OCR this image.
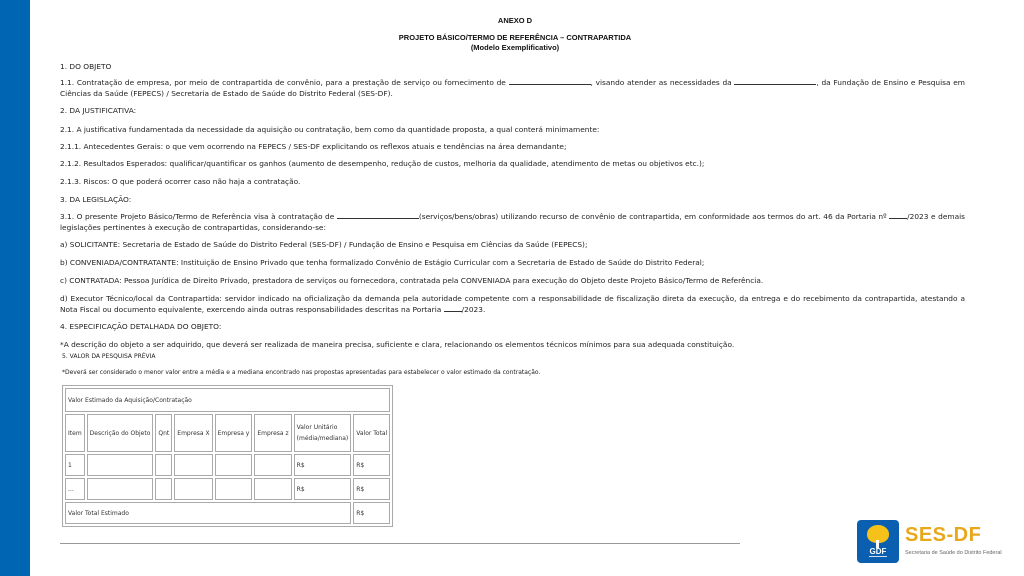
ANEXO D
PROJETO BÁSICO/TERMO DE REFERÊNCIA – CONTRAPARTIDA
(Modelo Exemplificativo)
1. DO OBJETO
1.1. Contratação de empresa, por meio de contrapartida de convênio, para a prestação de serviço ou fornecimento de	, visando atender as necessidades da	, da Fundação de Ensino e Pesquisa em Ciências da Saúde (FEPECS) / Secretaria de Estado de Saúde do Distrito Federal (SES-DF).
2. DA JUSTIFICATIVA:
2.1. A justificativa fundamentada da necessidade da aquisição ou contratação, bem como da quantidade proposta, a qual conterá minimamente:
2.1.1. Antecedentes Gerais: o que vem ocorrendo na FEPECS / SES-DF explicitando os reflexos atuais e tendências na área demandante;
2.1.2. Resultados Esperados: qualificar/quantificar os ganhos (aumento de desempenho, redução de custos, melhoria da qualidade, atendimento de metas ou objetivos etc.);
2.1.3. Riscos: O que poderá ocorrer caso não haja a contratação.
3. DA LEGISLAÇÃO:
3.1. O presente Projeto Básico/Termo de Referência visa à contratação de	(serviços/bens/obras) utilizando recurso de convênio de contrapartida, em conformidade aos termos do art. 46 da Portaria nº /2023 e demais legislações pertinentes à execução de contrapartidas, considerando-se:
a) SOLICITANTE: Secretaria de Estado de Saúde do Distrito Federal (SES-DF) / Fundação de Ensino e Pesquisa em Ciências da Saúde (FEPECS);
b) CONVENIADA/CONTRATANTE: Instituição de Ensino Privado que tenha formalizado Convênio de Estágio Curricular com a Secretaria de Estado de Saúde do Distrito Federal;
c) CONTRATADA: Pessoa Jurídica de Direito Privado, prestadora de serviços ou fornecedora, contratada pela CONVENIADA para execução do Objeto deste Projeto Básico/Termo de Referência.
d) Executor Técnico/local da Contrapartida: servidor indicado na oficialização da demanda pela autoridade competente com a responsabilidade de fiscalização direta da execução, da entrega e do recebimento da contrapartida, atestando a Nota Fiscal ou documento equivalente, exercendo ainda outras responsabilidades descritas na Portaria /2023.
4. ESPECIFICAÇÃO DETALHADA DO OBJETO:
*A descrição do objeto a ser adquirido, que deverá ser realizada de maneira precisa, suficiente e clara, relacionando os elementos técnicos mínimos para sua adequada constituição.
5. VALOR DA PESQUISA PRÉVIA
*Deverá ser considerado o menor valor entre a média e a mediana encontrado nas propostas apresentadas para estabelecer o valor estimado da contratação.
Valor Estimado da Aquisição/Contratação							
Item	Descrição do Objeto	Qnt	Empresa X	Empresa y	Empresa z	Valor Unitário
(média/mediana)	Valor Total
1						R$	R$
...						R$	R$
Valor Total Estimado							R$
GDF
SES-DF
Secretaria de Saúde do Distrito Federal
